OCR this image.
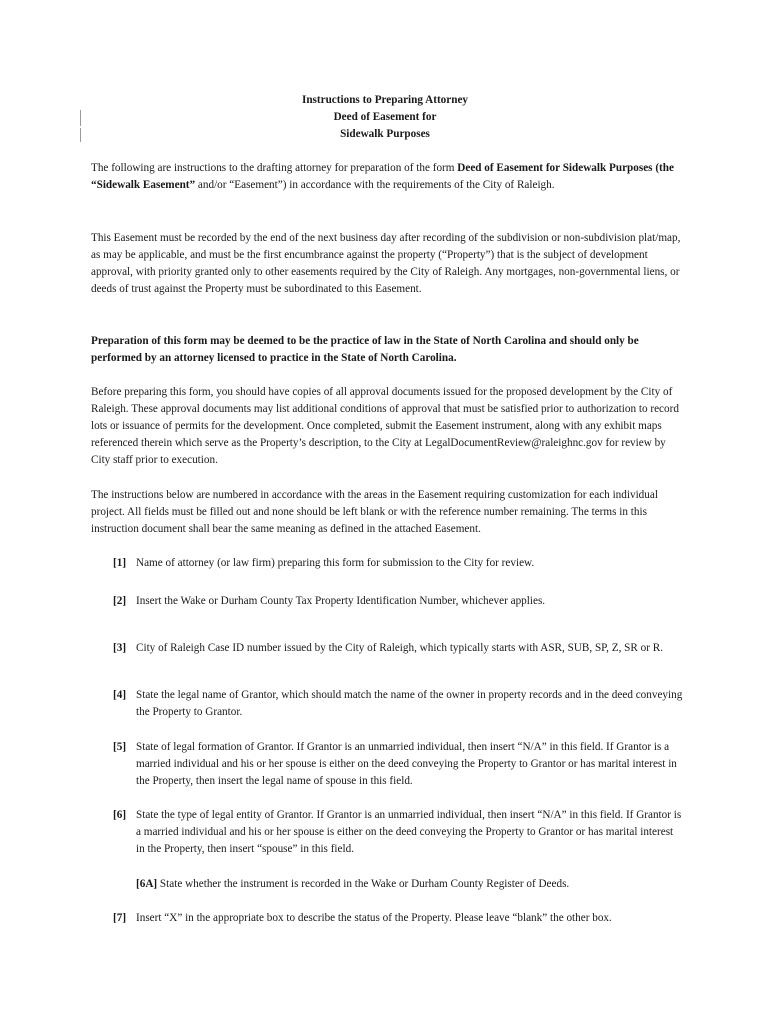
Instructions to Preparing Attorney
Deed of Easement for
Sidewalk Purposes

The following are instructions to the drafting attorney for preparation of the form Deed of Easement for Sidewalk Purposes (the “Sidewalk Easement” and/or “Easement”) in accordance with the requirements of the City of Raleigh.

This Easement must be recorded by the end of the next business day after recording of the subdivision or non-subdivision plat/map, as may be applicable, and must be the first encumbrance against the property (“Property”) that is the subject of development approval, with priority granted only to other easements required by the City of Raleigh. Any mortgages, non-governmental liens, or deeds of trust against the Property must be subordinated to this Easement.

Preparation of this form may be deemed to be the practice of law in the State of North Carolina and should only be performed by an attorney licensed to practice in the State of North Carolina.

Before preparing this form, you should have copies of all approval documents issued for the proposed development by the City of Raleigh. These approval documents may list additional conditions of approval that must be satisfied prior to authorization to record lots or issuance of permits for the development. Once completed, submit the Easement instrument, along with any exhibit maps referenced therein which serve as the Property’s description, to the City at LegalDocumentReview@raleighnc.gov for review by City staff prior to execution.

The instructions below are numbered in accordance with the areas in the Easement requiring customization for each individual project. All fields must be filled out and none should be left blank or with the reference number remaining. The terms in this instruction document shall bear the same meaning as defined in the attached Easement.

[1] Name of attorney (or law firm) preparing this form for submission to the City for review.
[2] Insert the Wake or Durham County Tax Property Identification Number, whichever applies.
[3] City of Raleigh Case ID number issued by the City of Raleigh, which typically starts with ASR, SUB, SP, Z, SR or R.
[4] State the legal name of Grantor, which should match the name of the owner in property records and in the deed conveying the Property to Grantor.
[5] State of legal formation of Grantor. If Grantor is an unmarried individual, then insert “N/A” in this field. If Grantor is a married individual and his or her spouse is either on the deed conveying the Property to Grantor or has marital interest in the Property, then insert the legal name of spouse in this field.
[6] State the type of legal entity of Grantor. If Grantor is an unmarried individual, then insert “N/A” in this field. If Grantor is a married individual and his or her spouse is either on the deed conveying the Property to Grantor or has marital interest in the Property, then insert “spouse” in this field.
[6A] State whether the instrument is recorded in the Wake or Durham County Register of Deeds.
[7] Insert “X” in the appropriate box to describe the status of the Property. Please leave “blank” the other box.
